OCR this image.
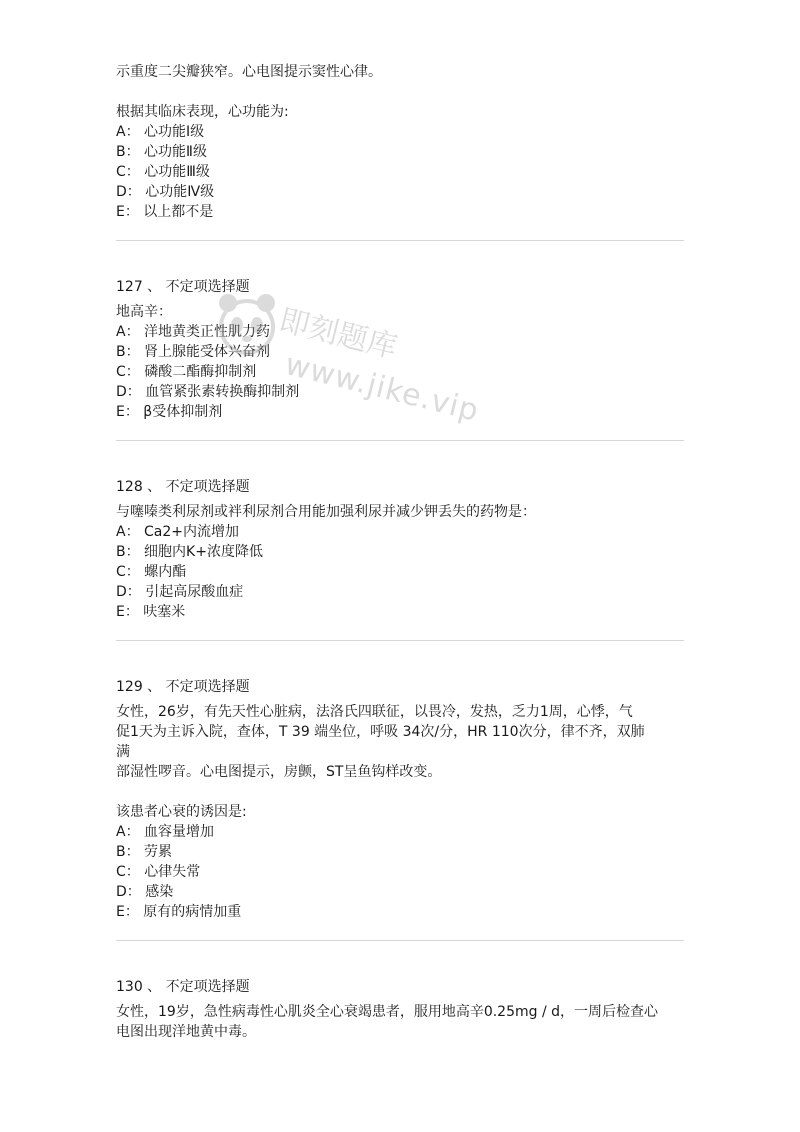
示重度二尖瓣狭窄。心电图提示窦性心律。
根据其临床表现，心功能为:
A： 心功能Ⅰ级
B： 心功能Ⅱ级
C： 心功能Ⅲ级
D： 心功能Ⅳ级
E： 以上都不是
127 、 不定项选择题
地高辛：
A： 洋地黄类正性肌力药
B： 肾上腺能受体兴奋剂
C： 磷酸二酯酶抑制剂
D： 血管紧张素转换酶抑制剂
E： β受体抑制剂
128 、 不定项选择题
与噻嗪类利尿剂或袢利尿剂合用能加强利尿并减少钾丢失的药物是：
A： Ca2+内流增加
B： 细胞内K+浓度降低
C： 螺内酯
D： 引起高尿酸血症
E： 呋塞米
129 、 不定项选择题
女性，26岁，有先天性心脏病，法洛氏四联征，以畏冷，发热，乏力1周，心悸，气
促1天为主诉入院，查体，T 39 端坐位，呼吸 34次/分，HR 110次分，律不齐，双肺
满
部湿性啰音。心电图提示，房颤，ST呈鱼钩样改变。
该患者心衰的诱因是:
A： 血容量增加
B： 劳累
C： 心律失常
D： 感染
E： 原有的病情加重
130 、 不定项选择题
女性，19岁，急性病毒性心肌炎全心衰竭患者，服用地高辛0.25mg / d，一周后检查心
电图出现洋地黄中毒。
即刻题库
www.jike.vip
